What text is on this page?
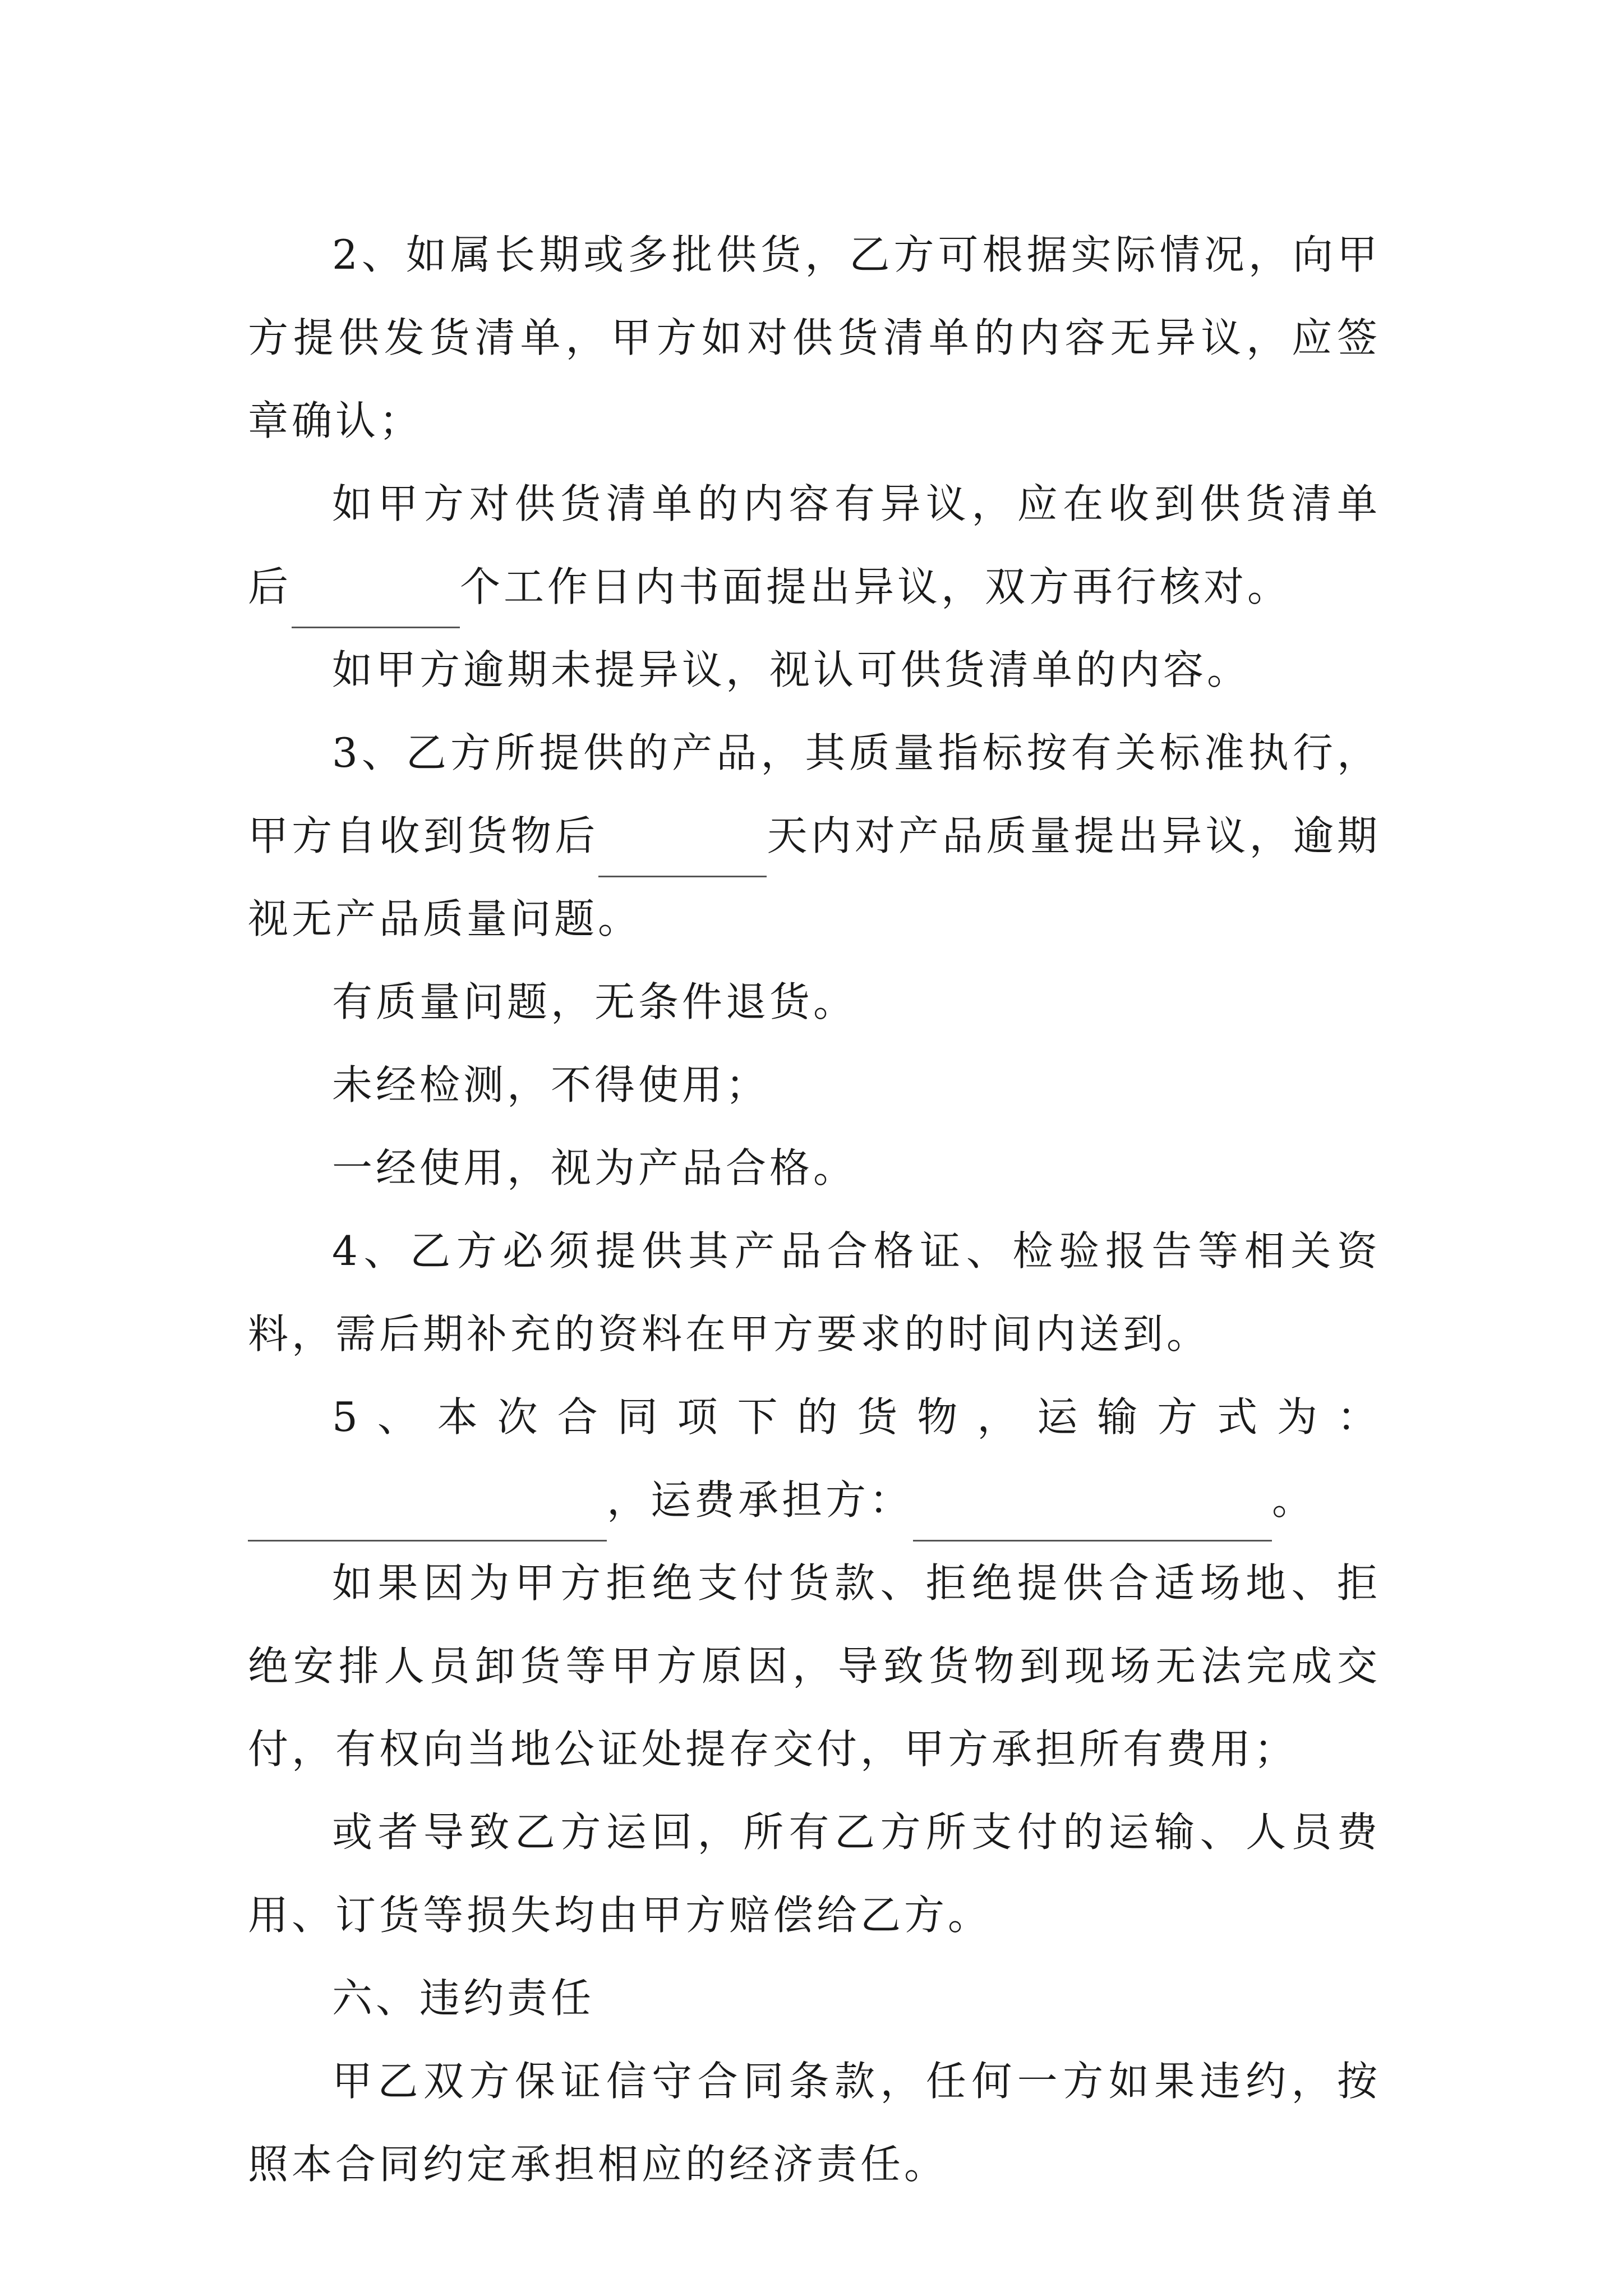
2、如属长期或多批供货，乙方可根据实际情况，向甲方提供发货清单，甲方如对供货清单的内容无异议，应签章确认；

如甲方对供货清单的内容有异议，应在收到供货清单后	个工作日内书面提出异议，双方再行核对。

如甲方逾期未提异议，视认可供货清单的内容。

3、乙方所提供的产品，其质量指标按有关标准执行，甲方自收到货物后	天内对产品质量提出异议，逾期视无产品质量问题。

有质量问题，无条件退货。

未经检测，不得使用；

一经使用，视为产品合格。

4、乙方必须提供其产品合格证、检验报告等相关资料，需后期补充的资料在甲方要求的时间内送到。

5、本次合同项下的货物，运输方式为：

，运费承担方：	。

如果因为甲方拒绝支付货款、拒绝提供合适场地、拒绝安排人员卸货等甲方原因，导致货物到现场无法完成交付，有权向当地公证处提存交付，甲方承担所有费用；

或者导致乙方运回，所有乙方所支付的运输、人员费用、订货等损失均由甲方赔偿给乙方。

六、违约责任

甲乙双方保证信守合同条款，任何一方如果违约，按照本合同约定承担相应的经济责任。
